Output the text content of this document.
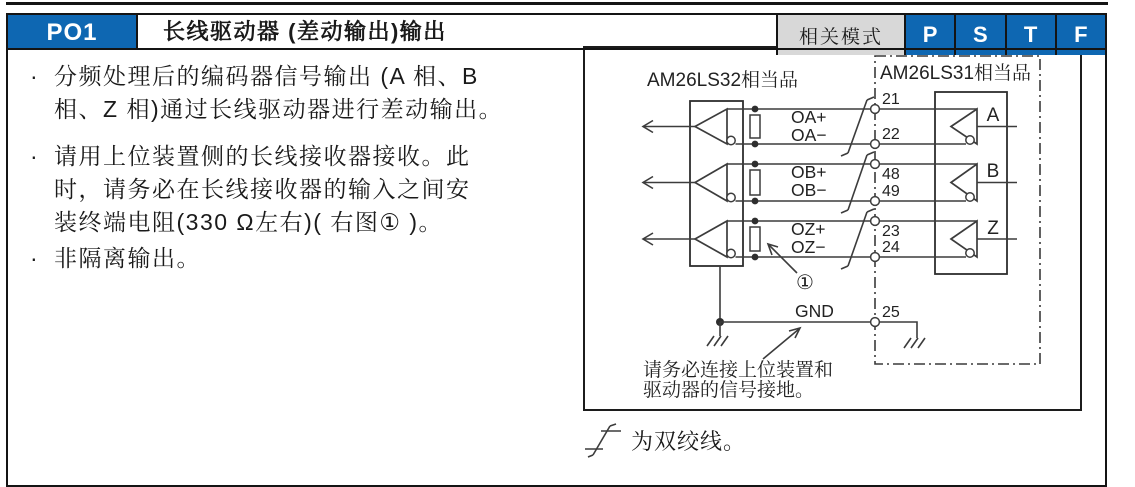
PO1	长线驱动器 (差动输出)输出	相关模式	P	S	T	F
· 分频处理后的编码器信号输出 (A 相、B
相、Z 相)通过长线驱动器进行差动输出。
· 请用上位装置侧的长线接收器接收。此
时，请务必在长线接收器的输入之间安
装终端电阻(330 Ω左右)( 右图① )。
· 非隔离输出。
AM26LS32相当品	AM26LS31相当品
OA+
OA−
21
22
A
OB+
OB−
48
49
B
OZ+
OZ−
23
24
Z
①
GND	25
请务必连接上位装置和
驱动器的信号接地。
为双绞线。
